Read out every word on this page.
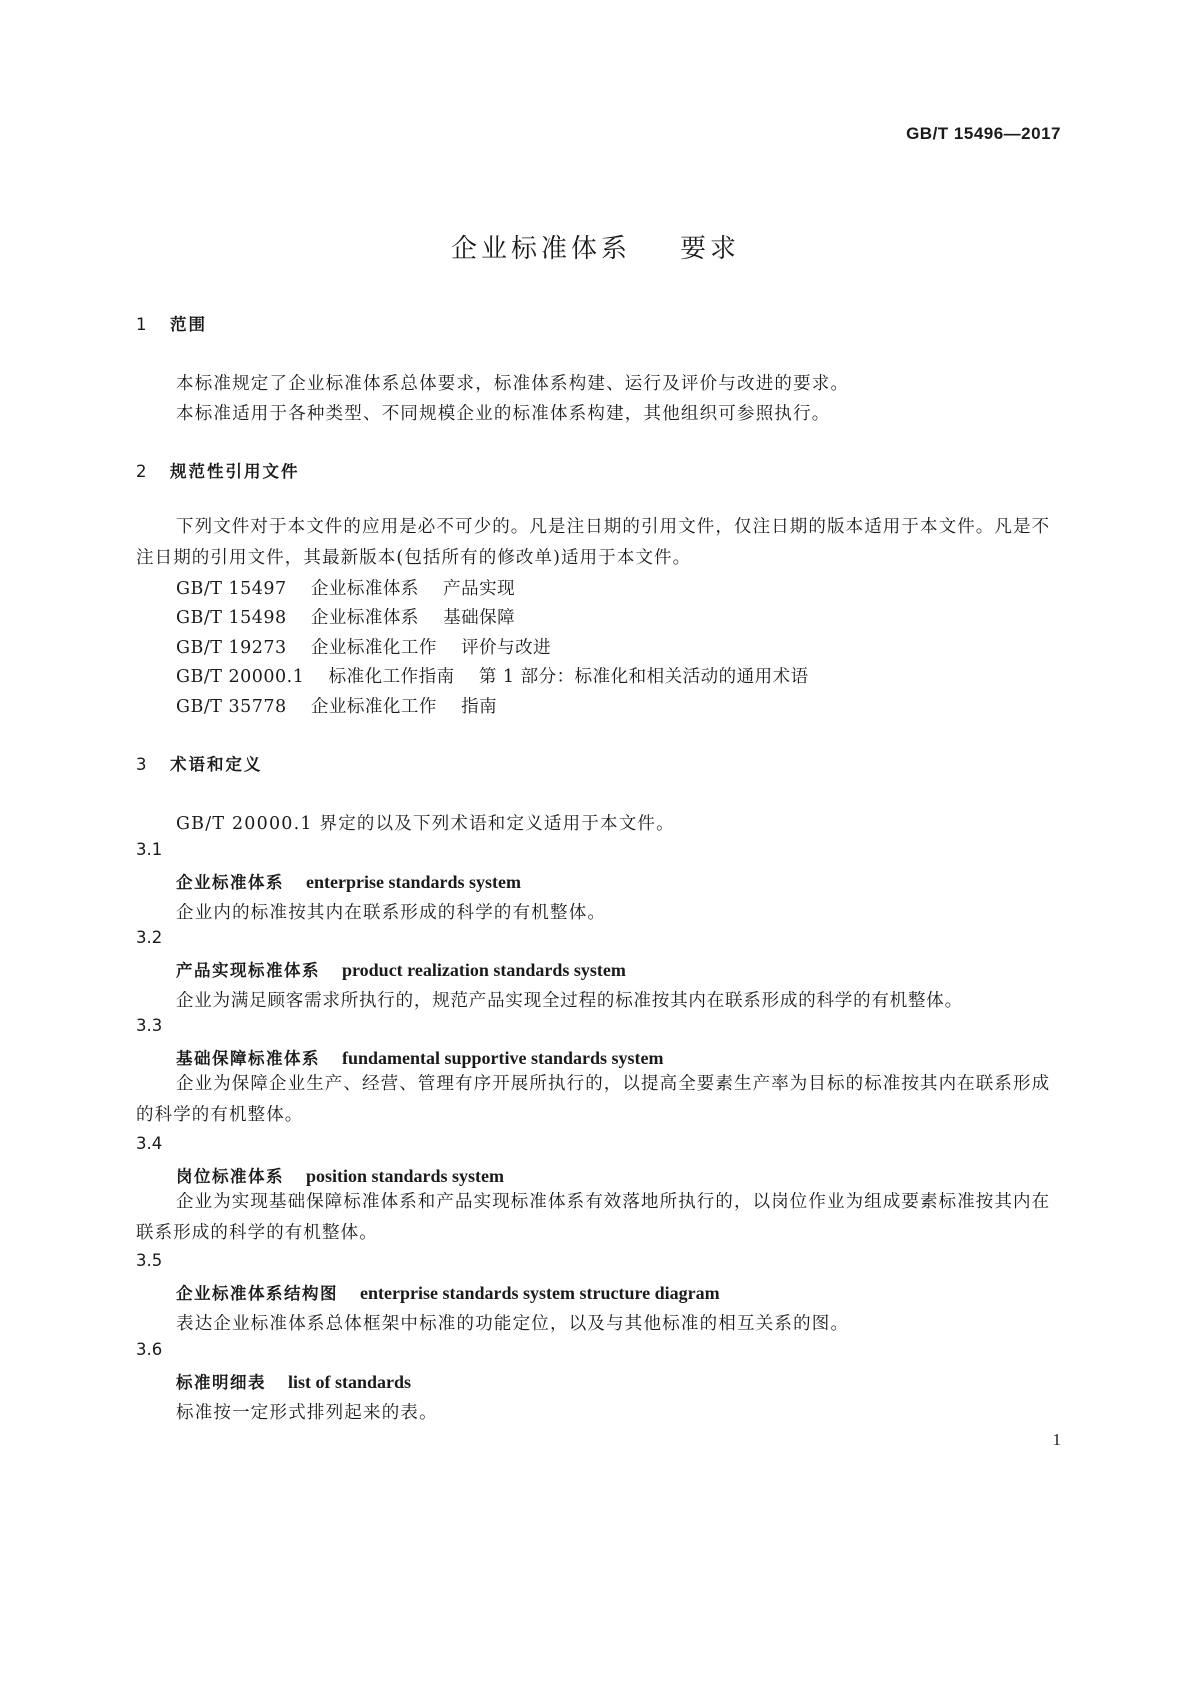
GB/T 15496—2017
企业标准体系    要求
1 范围
本标准规定了企业标准体系总体要求，标准体系构建、运行及评价与改进的要求。
本标准适用于各种类型、不同规模企业的标准体系构建，其他组织可参照执行。
2 规范性引用文件
下列文件对于本文件的应用是必不可少的。凡是注日期的引用文件，仅注日期的版本适用于本文件。凡是不注日期的引用文件，其最新版本(包括所有的修改单)适用于本文件。
GB/T 15497    企业标准体系    产品实现
GB/T 15498    企业标准体系    基础保障
GB/T 19273    企业标准化工作    评价与改进
GB/T 20000.1    标准化工作指南    第 1 部分：标准化和相关活动的通用术语
GB/T 35778    企业标准化工作    指南
3 术语和定义
GB/T 20000.1 界定的以及下列术语和定义适用于本文件。
3.1
企业标准体系 enterprise standards system
企业内的标准按其内在联系形成的科学的有机整体。
3.2
产品实现标准体系 product realization standards system
企业为满足顾客需求所执行的，规范产品实现全过程的标准按其内在联系形成的科学的有机整体。
3.3
基础保障标准体系 fundamental supportive standards system
企业为保障企业生产、经营、管理有序开展所执行的，以提高全要素生产率为目标的标准按其内在联系形成的科学的有机整体。
3.4
岗位标准体系 position standards system
企业为实现基础保障标准体系和产品实现标准体系有效落地所执行的，以岗位作业为组成要素标准按其内在联系形成的科学的有机整体。
3.5
企业标准体系结构图 enterprise standards system structure diagram
表达企业标准体系总体框架中标准的功能定位，以及与其他标准的相互关系的图。
3.6
标准明细表 list of standards
标准按一定形式排列起来的表。
1
